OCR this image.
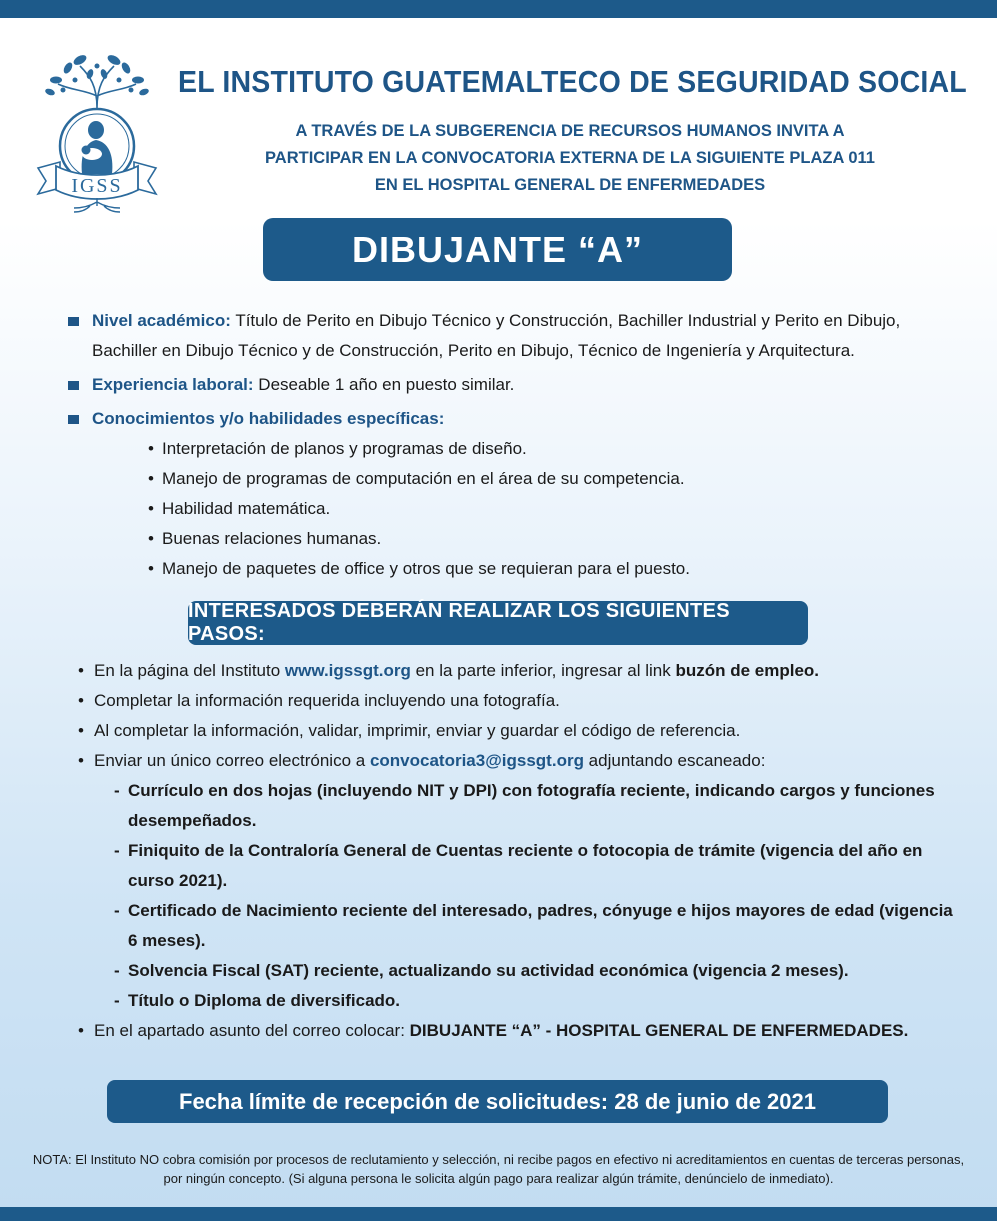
IGSS
EL INSTITUTO GUATEMALTECO DE SEGURIDAD SOCIAL
A TRAVÉS DE LA SUBGERENCIA DE RECURSOS HUMANOS INVITA A
PARTICIPAR EN LA CONVOCATORIA EXTERNA DE LA SIGUIENTE PLAZA 011
EN EL HOSPITAL GENERAL DE ENFERMEDADES
DIBUJANTE “A”
Nivel académico: Título de Perito en Dibujo Técnico y Construcción, Bachiller Industrial y Perito en Dibujo, Bachiller en Dibujo Técnico y de Construcción, Perito en Dibujo, Técnico de Ingeniería y Arquitectura.
Experiencia laboral: Deseable 1 año en puesto similar.
Conocimientos y/o habilidades específicas:
• Interpretación de planos y programas de diseño.
• Manejo de programas de computación en el área de su competencia.
• Habilidad matemática.
• Buenas relaciones humanas.
• Manejo de paquetes de office y otros que se requieran para el puesto.
INTERESADOS DEBERÁN REALIZAR LOS SIGUIENTES PASOS:
• En la página del Instituto www.igssgt.org en la parte inferior, ingresar al link buzón de empleo.
• Completar la información requerida incluyendo una fotografía.
• Al completar la información, validar, imprimir, enviar y guardar el código de referencia.
• Enviar un único correo electrónico a convocatoria3@igssgt.org adjuntando escaneado:
- Currículo en dos hojas (incluyendo NIT y DPI) con fotografía reciente, indicando cargos y funciones desempeñados.
- Finiquito de la Contraloría General de Cuentas reciente o fotocopia de trámite (vigencia del año en curso 2021).
- Certificado de Nacimiento reciente del interesado, padres, cónyuge e hijos mayores de edad (vigencia 6 meses).
- Solvencia Fiscal (SAT) reciente, actualizando su actividad económica (vigencia 2 meses).
- Título o Diploma de diversificado.
• En el apartado asunto del correo colocar: DIBUJANTE “A” - HOSPITAL GENERAL DE ENFERMEDADES.
Fecha límite de recepción de solicitudes: 28 de junio de 2021
NOTA: El Instituto NO cobra comisión por procesos de reclutamiento y selección, ni recibe pagos en efectivo ni acreditamientos en cuentas de terceras personas, por ningún concepto. (Si alguna persona le solicita algún pago para realizar algún trámite, denúncielo de inmediato).
